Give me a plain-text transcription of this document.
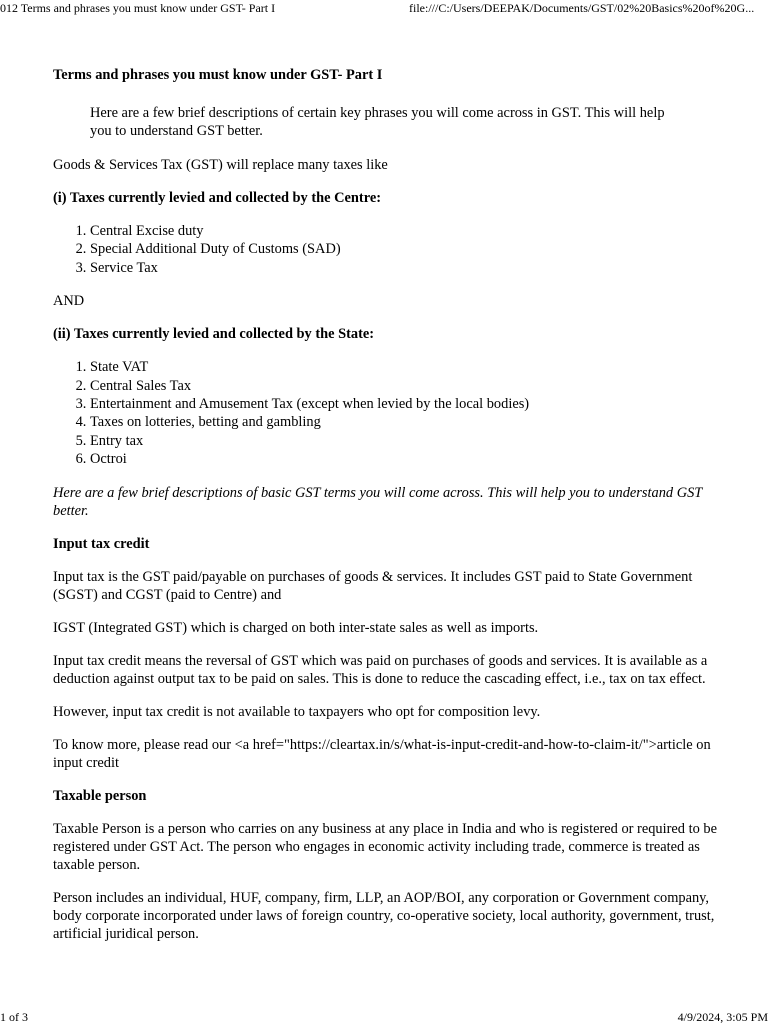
012 Terms and phrases you must know under GST- Part I	file:///C:/Users/DEEPAK/Documents/GST/02%20Basics%20of%20G...
Terms and phrases you must know under GST- Part I
Here are a few brief descriptions of certain key phrases you will come across in GST. This will help you to understand GST better.

Goods & Services Tax (GST) will replace many taxes like

(i) Taxes currently levied and collected by the Centre:
1. Central Excise duty
2. Special Additional Duty of Customs (SAD)
3. Service Tax

AND

(ii) Taxes currently levied and collected by the State:
1. State VAT
2. Central Sales Tax
3. Entertainment and Amusement Tax (except when levied by the local bodies)
4. Taxes on lotteries, betting and gambling
5. Entry tax
6. Octroi

Here are a few brief descriptions of basic GST terms you will come across. This will help you to understand GST better.

Input tax credit

Input tax is the GST paid/payable on purchases of goods & services. It includes GST paid to State Government (SGST) and CGST (paid to Centre) and

IGST (Integrated GST) which is charged on both inter-state sales as well as imports.

Input tax credit means the reversal of GST which was paid on purchases of goods and services. It is available as a deduction against output tax to be paid on sales. This is done to reduce the cascading effect, i.e., tax on tax effect.

However, input tax credit is not available to taxpayers who opt for composition levy.

To know more, please read our <a href="https://cleartax.in/s/what-is-input-credit-and-how-to-claim-it/">article on input credit

Taxable person

Taxable Person is a person who carries on any business at any place in India and who is registered or required to be registered under GST Act. The person who engages in economic activity including trade, commerce is treated as taxable person.

Person includes an individual, HUF, company, firm, LLP, an AOP/BOI, any corporation or Government company, body corporate incorporated under laws of foreign country, co-operative society, local authority, government, trust, artificial juridical person.

1 of 3	4/9/2024, 3:05 PM
